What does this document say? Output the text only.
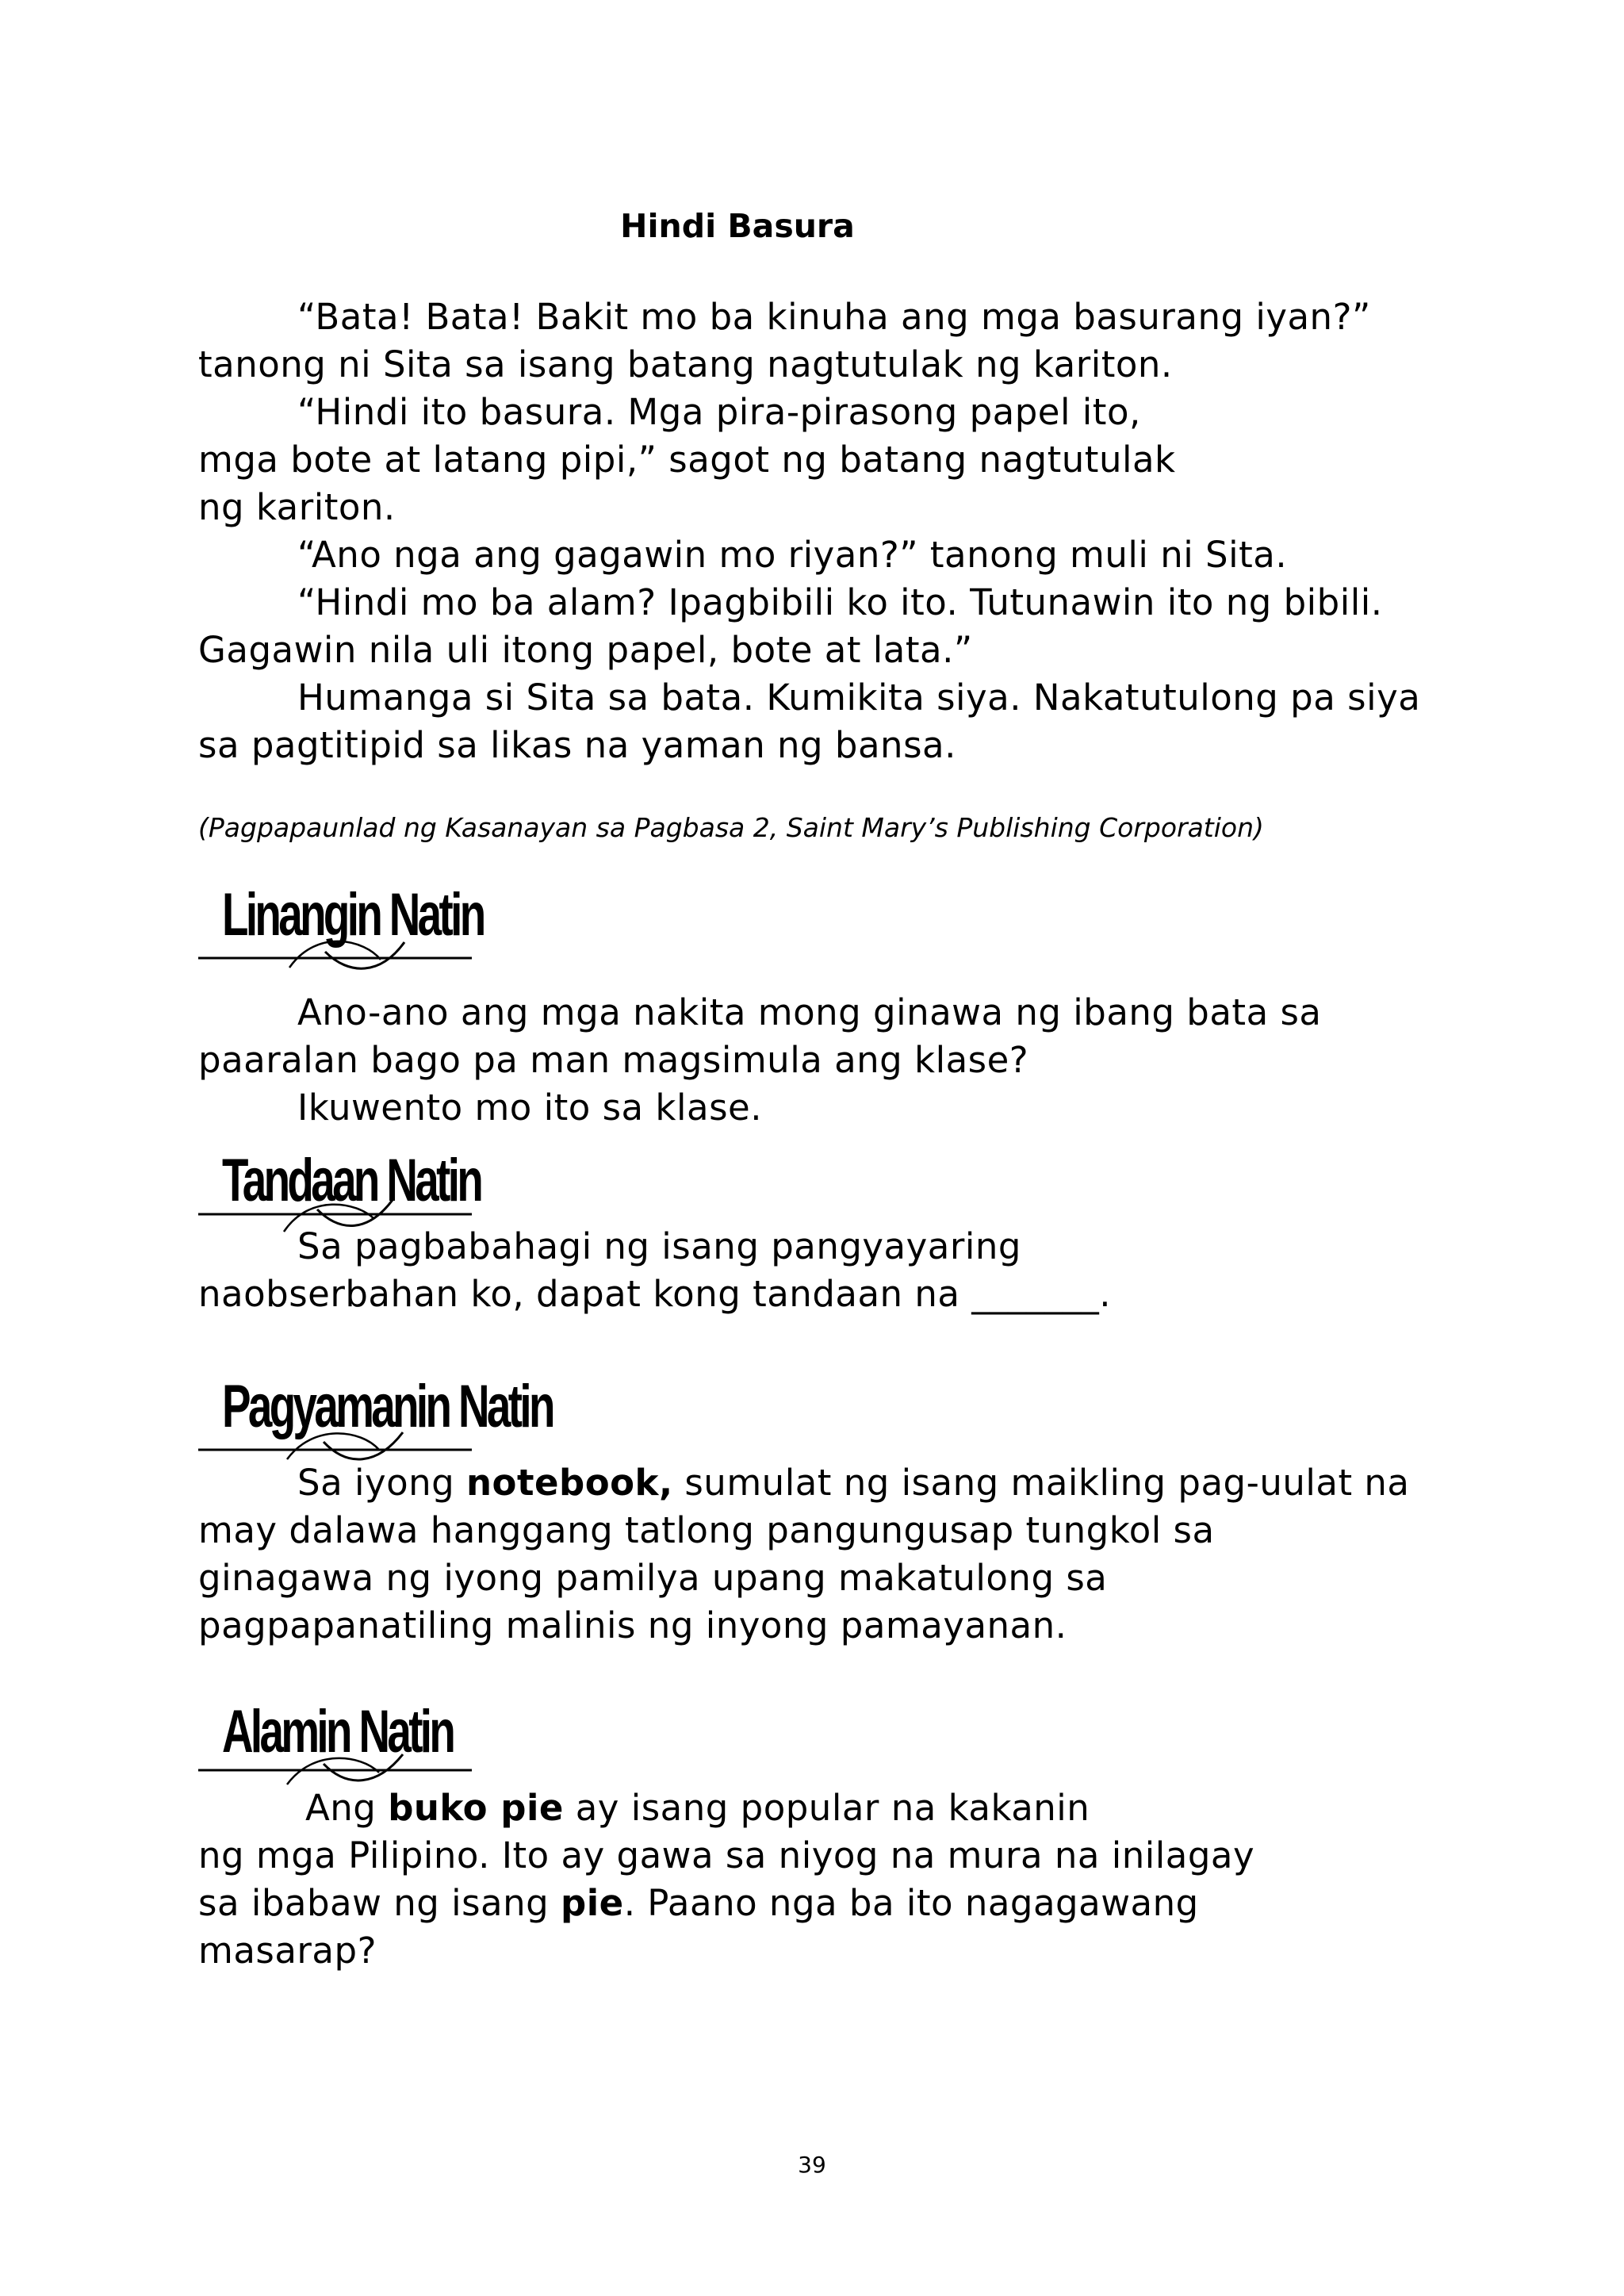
Hindi Basura
“Bata! Bata! Bakit mo ba kinuha ang mga basurang iyan?”
tanong ni Sita sa isang batang nagtutulak ng kariton.
“Hindi ito basura. Mga pira-pirasong papel ito,
mga bote at latang pipi,” sagot ng batang nagtutulak
ng kariton.
“Ano nga ang gagawin mo riyan?” tanong muli ni Sita.
“Hindi mo ba alam? Ipagbibili ko ito. Tutunawin ito ng bibili.
Gagawin nila uli itong papel, bote at lata.”
Humanga si Sita sa bata. Kumikita siya. Nakatutulong pa siya
sa pagtitipid sa likas na yaman ng bansa.
(Pagpapaunlad ng Kasanayan sa Pagbasa 2, Saint Mary’s Publishing Corporation)
Linangin Natin
Ano-ano ang mga nakita mong ginawa ng ibang bata sa
paaralan bago pa man magsimula ang klase?
Ikuwento mo ito sa klase.
Tandaan Natin
Sa pagbabahagi ng isang pangyayaring
naobserbahan ko, dapat kong tandaan na _______.
Pagyamanin Natin
Sa iyong notebook, sumulat ng isang maikling pag-uulat na
may dalawa hanggang tatlong pangungusap tungkol sa
ginagawa ng iyong pamilya upang makatulong sa
pagpapanatiling malinis ng inyong pamayanan.
Alamin Natin
Ang buko pie ay isang popular na kakanin
ng mga Pilipino. Ito ay gawa sa niyog na mura na inilagay
sa ibabaw ng isang pie. Paano nga ba ito nagagawang
masarap?
39
